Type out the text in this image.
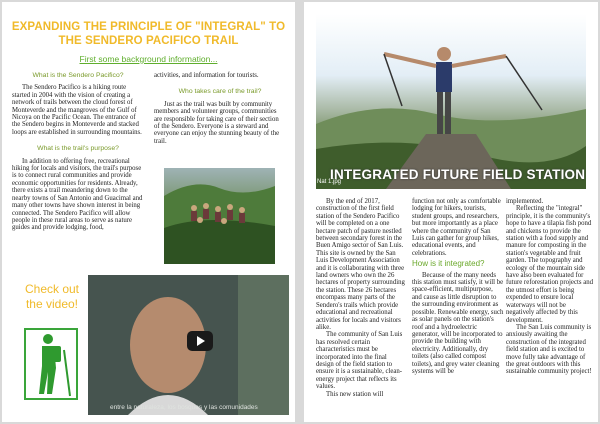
EXPANDING THE PRINCIPLE OF "INTEGRAL" TO THE SENDERO PACIFICO TRAIL
First some background information...
What is the Sendero Pacifico?

The Sendero Pacifico is a hiking route started in 2004 with the vision of creating a network of trails between the cloud forest of Monteverde and the mangroves of the Gulf of Nicoya on the Pacific Ocean. The entrance of the Sendero begins in Monteverde and stacked loops are established in surrounding mountains.

What is the trail's purpose?

In addition to offering free, recreational hiking for locals and visitors, the trail's purpose is to connect rural communities and provide economic opportunities for residents. Already, there exists a trail meandering down to the nearby towns of San Antonio and Guacimal and many other towns have shown interest in being connected. The Sendero Pacifico will allow people in these rural areas to serve as nature guides and provide lodging, food,

activities, and information for tourists.

Who takes care of the trail?

Just as the trail was built by community members and volunteer groups, communities are responsible for taking care of their section of the Sendero. Everyone is a steward and everyone can enjoy the stunning beauty of the trail.

Check out the video!
entre la naturaleza, los bosques y las comunidades
INTEGRATED FUTURE FIELD STATION
Nat 1.jpg

By the end of 2017, construction of the first field station of the Sendero Pacifico will be completed on a one hectare patch of pasture nestled between secondary forest in the Buen Amigo sector of San Luis. This site is owned by the San Luis Development Association and it is collaborating with three land owners who own the 26 hectares of property surrounding the station. These 26 hectares encompass many parts of the Sendero's trails which provide educational and recreational activities for locals and visitors alike.

The community of San Luis has resolved certain characteristics must be incorporated into the final design of the field station to ensure it is a sustainable, clean-energy project that reflects its values.

This new station will

function not only as comfortable lodging for hikers, tourists, student groups, and researchers, but more importantly as a place where the community of San Luis can gather for group hikes, educational events, and celebrations.

How is it integrated?

Because of the many needs this station must satisfy, it will be space-efficient, multipurpose, and cause as little disruption to the surrounding environment as possible. Renewable energy, such as solar panels on the station's roof and a hydroelectric generator, will be incorporated to provide the building with electricity. Additionally, dry toilets (also called compost toilets), and grey water cleaning systems will be

implemented.

Reflecting the "integral" principle, it is the community's hope to have a tilapia fish pond and chickens to provide the station with a food supply and manure for composting in the station's vegetable and fruit garden. The topography and ecology of the mountain side have also been evaluated for future reforestation projects and the utmost effort is being expended to ensure local waterways will not be negatively affected by this development.

The San Luis community is anxiously awaiting the construction of the integrated field station and is excited to move fully take advantage of the great outdoors with this sustainable community project!
